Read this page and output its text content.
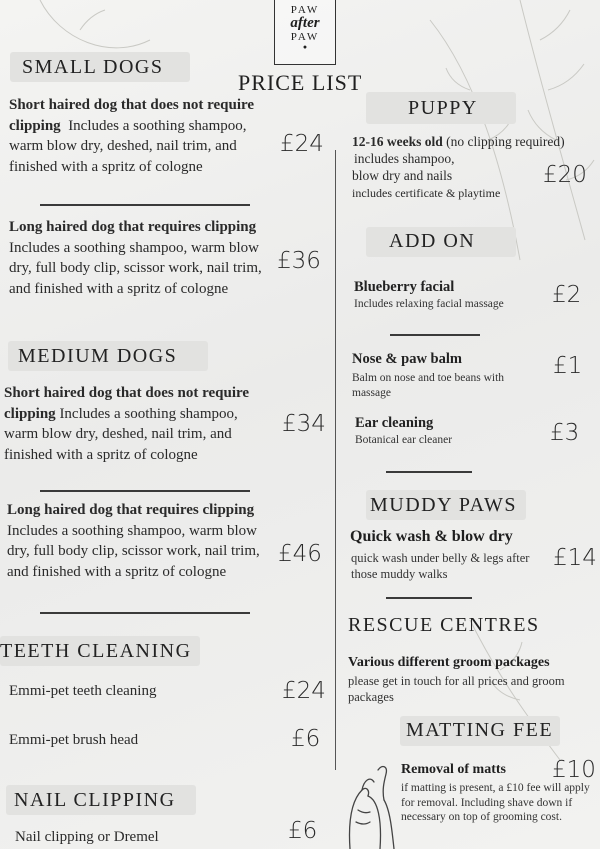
PAW
after
PAW
●
PRICE LIST
SMALL DOGS
Short haired dog that does not require clipping Includes a soothing shampoo, warm blow dry, deshed, nail trim, and finished with a spritz of cologne
£24
Long haired dog that requires clipping Includes a soothing shampoo, warm blow dry, full body clip, scissor work, nail trim, and finished with a spritz of cologne
£36
MEDIUM DOGS
Short haired dog that does not require clipping Includes a soothing shampoo, warm blow dry, deshed, nail trim, and finished with a spritz of cologne
£34
Long haired dog that requires clipping Includes a soothing shampoo, warm blow dry, full body clip, scissor work, nail trim, and finished with a spritz of cologne
£46
TEETH CLEANING
Emmi-pet teeth cleaning	£24
Emmi-pet brush head	£6
NAIL CLIPPING
Nail clipping or Dremel	£6
PUPPY
12-16 weeks old (no clipping required)
includes shampoo,
blow dry and nails
includes certificate & playtime
£20
ADD ON
Blueberry facial
Includes relaxing facial massage	£2
Nose & paw balm
Balm on nose and toe beans with massage
£1
Ear cleaning
Botanical ear cleaner	£3
MUDDY PAWS
Quick wash & blow dry
quick wash under belly & legs after those muddy walks
£14
RESCUE CENTRES
Various different groom packages
please get in touch for all prices and groom packages
MATTING FEE
Removal of matts £10
if matting is present, a £10 fee will apply for removal. Including shave down if necessary on top of grooming cost.
